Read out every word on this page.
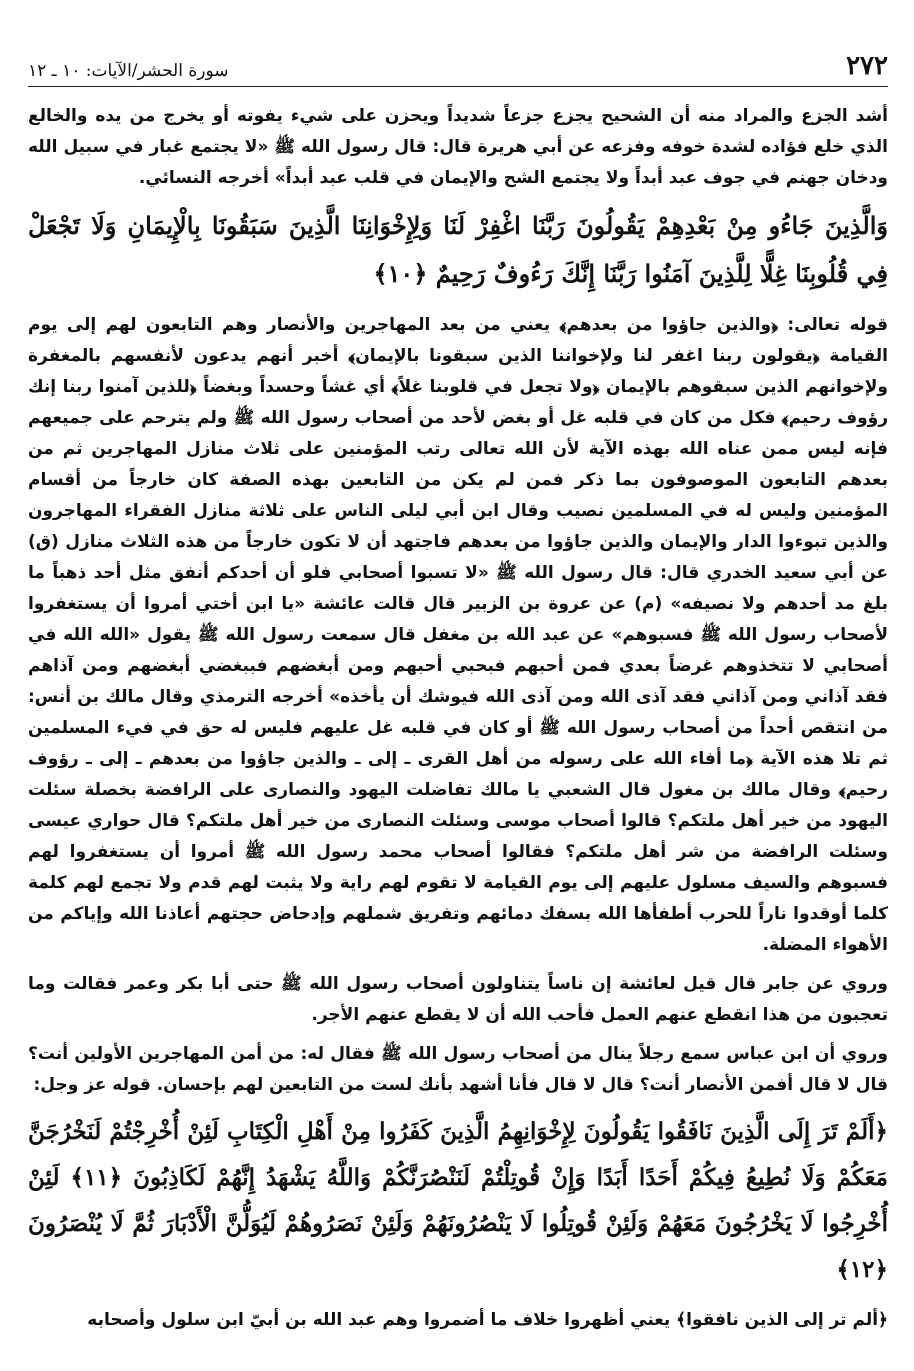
٢٧٢
سورة الحشر/الآيات: ١٠ ـ ١٢

أشد الجزع والمراد منه أن الشحيح يجزع جزعاً شديداً ويحزن على شيء يفوته أو يخرج من يده والخالع الذي خلع فؤاده لشدة خوفه وفزعه عن أبي هريرة قال: قال رسول الله ﷺ «لا يجتمع غبار في سبيل الله ودخان جهنم في جوف عبد أبداً ولا يجتمع الشح والإيمان في قلب عبد أبداً» أخرجه النسائي.

وَالَّذِينَ جَاءُو مِنْ بَعْدِهِمْ يَقُولُونَ رَبَّنَا اغْفِرْ لَنَا وَلِإِخْوَانِنَا الَّذِينَ سَبَقُونَا بِالْإِيمَانِ وَلَا تَجْعَلْ فِي قُلُوبِنَا غِلًّا لِلَّذِينَ آمَنُوا رَبَّنَا إِنَّكَ رَءُوفٌ رَحِيمٌ ﴿١٠﴾

قوله تعالى: ﴿والذين جاؤوا من بعدهم﴾ يعني من بعد المهاجرين والأنصار وهم التابعون لهم إلى يوم القيامة ﴿يقولون ربنا اغفر لنا ولإخواننا الذين سبقونا بالإيمان﴾ أخبر أنهم يدعون لأنفسهم بالمغفرة ولإخوانهم الذين سبقوهم بالإيمان ﴿ولا تجعل في قلوبنا غلاً﴾ أي غشاً وحسداً وبغضاً ﴿للذين آمنوا ربنا إنك رؤوف رحيم﴾ فكل من كان في قلبه غل أو بغض لأحد من أصحاب رسول الله ﷺ ولم يترحم على جميعهم فإنه ليس ممن عناه الله بهذه الآية لأن الله تعالى رتب المؤمنين على ثلاث منازل المهاجرين ثم من بعدهم التابعون الموصوفون بما ذكر فمن لم يكن من التابعين بهذه الصفة كان خارجاً من أقسام المؤمنين وليس له في المسلمين نصيب وقال ابن أبي ليلى الناس على ثلاثة منازل الفقراء المهاجرون والذين تبوءوا الدار والإيمان والذين جاؤوا من بعدهم فاجتهد أن لا تكون خارجاً من هذه الثلاث منازل (ق) عن أبي سعيد الخدري قال: قال رسول الله ﷺ «لا تسبوا أصحابي فلو أن أحدكم أنفق مثل أحد ذهباً ما بلغ مد أحدهم ولا نصيفه» (م) عن عروة بن الزبير قال قالت عائشة «يا ابن أختي أمروا أن يستغفروا لأصحاب رسول الله ﷺ فسبوهم» عن عبد الله بن مغفل قال سمعت رسول الله ﷺ يقول «الله الله في أصحابي لا تتخذوهم غرضاً بعدي فمن أحبهم فبحبي أحبهم ومن أبغضهم فببغضي أبغضهم ومن آذاهم فقد آذاني ومن آذاني فقد آذى الله ومن آذى الله فيوشك أن يأخذه» أخرجه الترمذي وقال مالك بن أنس: من انتقص أحداً من أصحاب رسول الله ﷺ أو كان في قلبه غل عليهم فليس له حق في فيء المسلمين ثم تلا هذه الآية ﴿ما أفاء الله على رسوله من أهل القرى ـ إلى ـ والذين جاؤوا من بعدهم ـ إلى ـ رؤوف رحيم﴾ وقال مالك بن مغول قال الشعبي يا مالك تفاضلت اليهود والنصارى على الرافضة بخصلة سئلت اليهود من خير أهل ملتكم؟ قالوا أصحاب موسى وسئلت النصارى من خير أهل ملتكم؟ قال حواري عيسى وسئلت الرافضة من شر أهل ملتكم؟ فقالوا أصحاب محمد رسول الله ﷺ أمروا أن يستغفروا لهم فسبوهم والسيف مسلول عليهم إلى يوم القيامة لا تقوم لهم راية ولا يثبت لهم قدم ولا تجمع لهم كلمة كلما أوقدوا ناراً للحرب أطفأها الله بسفك دمائهم وتفريق شملهم وإدحاض حجتهم أعاذنا الله وإياكم من الأهواء المضلة.

وروي عن جابر قال قيل لعائشة إن ناساً يتناولون أصحاب رسول الله ﷺ حتى أبا بكر وعمر فقالت وما تعجبون من هذا انقطع عنهم العمل فأحب الله أن لا يقطع عنهم الأجر.

وروي أن ابن عباس سمع رجلاً ينال من أصحاب رسول الله ﷺ فقال له: من أمن المهاجرين الأولين أنت؟ قال لا قال أفمن الأنصار أنت؟ قال لا قال فأنا أشهد بأنك لست من التابعين لهم بإحسان. قوله عز وجل:

﴿أَلَمْ تَرَ إِلَى الَّذِينَ نَافَقُوا يَقُولُونَ لِإِخْوَانِهِمُ الَّذِينَ كَفَرُوا مِنْ أَهْلِ الْكِتَابِ لَئِنْ أُخْرِجْتُمْ لَنَخْرُجَنَّ مَعَكُمْ وَلَا نُطِيعُ فِيكُمْ أَحَدًا أَبَدًا وَإِنْ قُوتِلْتُمْ لَنَنْصُرَنَّكُمْ وَاللَّهُ يَشْهَدُ إِنَّهُمْ لَكَاذِبُونَ ﴿١١﴾ لَئِنْ أُخْرِجُوا لَا يَخْرُجُونَ مَعَهُمْ وَلَئِنْ قُوتِلُوا لَا يَنْصُرُونَهُمْ وَلَئِنْ نَصَرُوهُمْ لَيُوَلُّنَّ الْأَدْبَارَ ثُمَّ لَا يُنْصَرُونَ ﴿١٢﴾

﴿ألم تر إلى الذين نافقوا﴾ يعني أظهروا خلاف ما أضمروا وهم عبد الله بن أبيّ ابن سلول وأصحابه
